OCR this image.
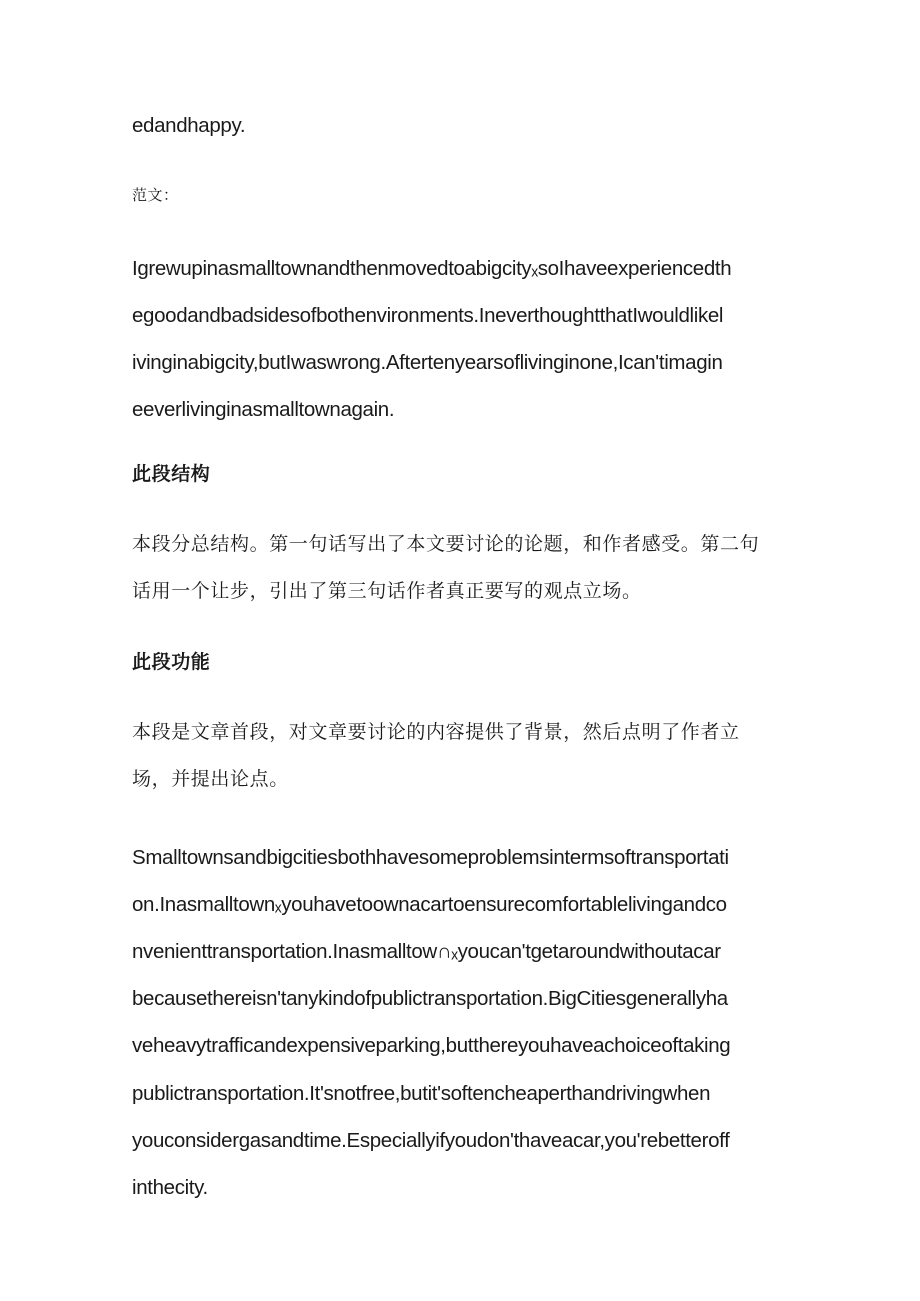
edandhappy.
范文：
IgrewupinasmalltownandthenmovedtoabigcityₓsoIhaveexperiencedth
egoodandbadsidesofbothenvironments.IneverthoughtthatIwouldlikel
ivinginabigcity,butIwaswrong.Aftertenyearsoflivinginone,Ican'timagin
eeverlivinginasmalltownagain.
此段结构
本段分总结构。第一句话写出了本文要讨论的论题，和作者感受。第二句
话用一个让步，引出了第三句话作者真正要写的观点立场。
此段功能
本段是文章首段，对文章要讨论的内容提供了背景，然后点明了作者立
场，并提出论点。
Smalltownsandbigcitiesbothhavesomeproblemsintermsoftransportati
on.Inasmalltownₓyouhavetoownacartoensurecomfortablelivingandco
nvenienttransportation.Inasmalltow∩ₓyoucan'tgetaroundwithoutacar
becausethereisn'tanykindofpublictransportation.BigCitiesgenerallyha
veheavytrafficandexpensiveparking,butthereyouhaveachoiceoftaking
publictransportation.It'snotfree,butit'softencheaperthandrivingwhen
youconsidergasandtime.Especiallyifyoudon'thaveacar,you'rebetteroff
inthecity.
